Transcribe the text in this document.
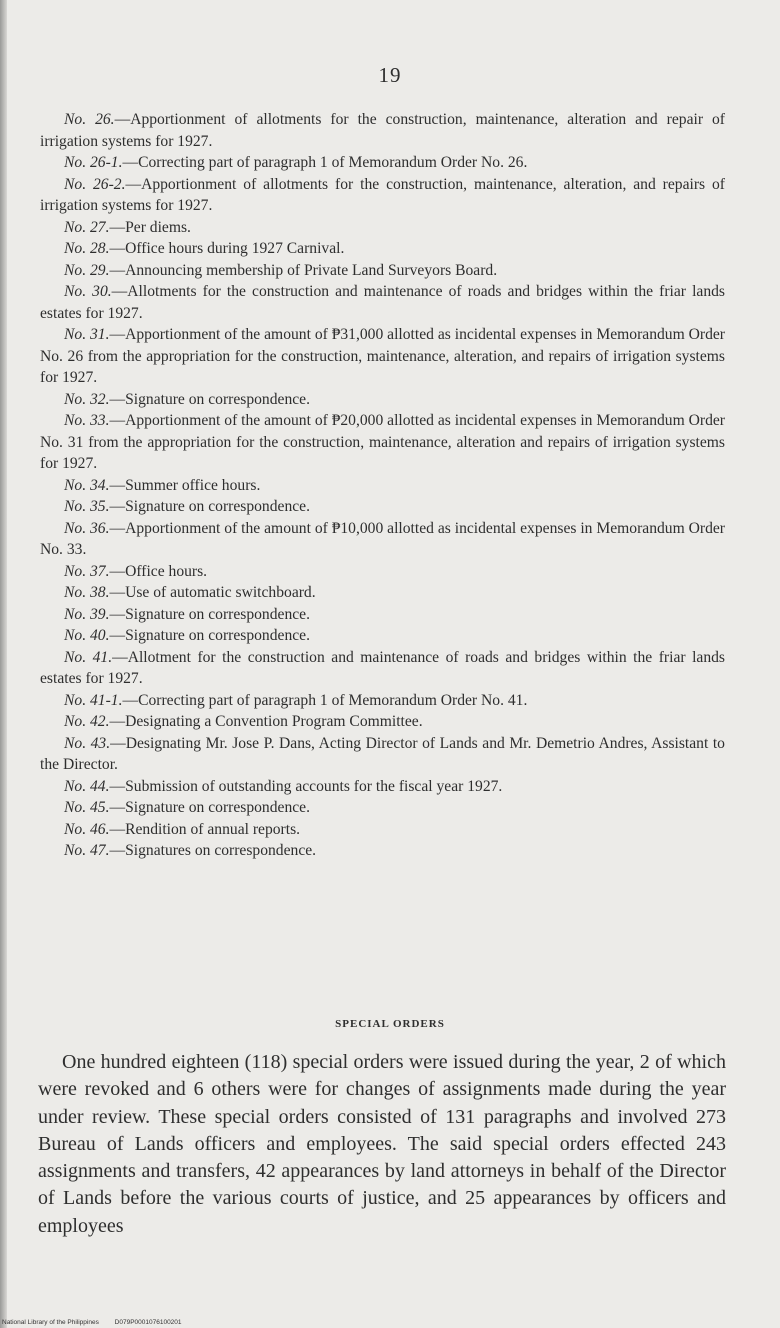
19

No. 26.—Apportionment of allotments for the construction, maintenance, alteration and repair of irrigation systems for 1927.

No. 26-1.—Correcting part of paragraph 1 of Memorandum Order No. 26.

No. 26-2.—Apportionment of allotments for the construction, maintenance, alteration, and repairs of irrigation systems for 1927.

No. 27.—Per diems.

No. 28.—Office hours during 1927 Carnival.

No. 29.—Announcing membership of Private Land Surveyors Board.

No. 30.—Allotments for the construction and maintenance of roads and bridges within the friar lands estates for 1927.

No. 31.—Apportionment of the amount of ₱31,000 allotted as incidental expenses in Memorandum Order No. 26 from the appropriation for the construction, maintenance, alteration, and repairs of irrigation systems for 1927.

No. 32.—Signature on correspondence.

No. 33.—Apportionment of the amount of ₱20,000 allotted as incidental expenses in Memorandum Order No. 31 from the appropriation for the construction, maintenance, alteration and repairs of irrigation systems for 1927.

No. 34.—Summer office hours.

No. 35.—Signature on correspondence.

No. 36.—Apportionment of the amount of ₱10,000 allotted as incidental expenses in Memorandum Order No. 33.

No. 37.—Office hours.

No. 38.—Use of automatic switchboard.

No. 39.—Signature on correspondence.

No. 40.—Signature on correspondence.

No. 41.—Allotment for the construction and maintenance of roads and bridges within the friar lands estates for 1927.

No. 41-1.—Correcting part of paragraph 1 of Memorandum Order No. 41.

No. 42.—Designating a Convention Program Committee.

No. 43.—Designating Mr. Jose P. Dans, Acting Director of Lands and Mr. Demetrio Andres, Assistant to the Director.

No. 44.—Submission of outstanding accounts for the fiscal year 1927.

No. 45.—Signature on correspondence.

No. 46.—Rendition of annual reports.

No. 47.—Signatures on correspondence.

SPECIAL ORDERS

One hundred eighteen (118) special orders were issued during the year, 2 of which were revoked and 6 others were for changes of assignments made during the year under review. These special orders consisted of 131 paragraphs and involved 273 Bureau of Lands officers and employees. The said special orders effected 243 assignments and transfers, 42 appearances by land attorneys in behalf of the Director of Lands before the various courts of justice, and 25 appearances by officers and employees

National Library of the Philippines D079P0001076100201
